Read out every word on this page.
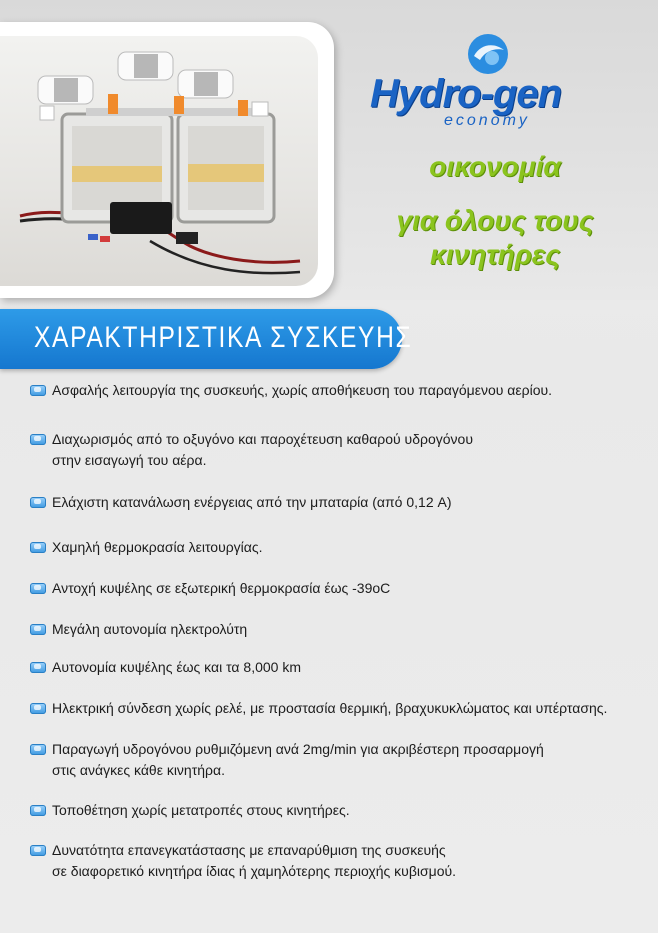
Hydro-gen
economy
οικονομία
για όλους τους
κινητήρες
ΧΑΡΑΚΤΗΡΙΣΤΙΚΑ ΣΥΣΚΕΥΗΣ
Ασφαλής λειτουργία της συσκευής, χωρίς αποθήκευση του παραγόμενου αερίου.
Διαχωρισμός από το οξυγόνο και παροχέτευση καθαρού υδρογόνου
στην εισαγωγή του αέρα.
Ελάχιστη κατανάλωση ενέργειας από την μπαταρία (από 0,12 A)
Χαμηλή θερμοκρασία λειτουργίας.
Αντοχή κυψέλης σε εξωτερική θερμοκρασία έως -39oC
Μεγάλη αυτονομία ηλεκτρολύτη
Αυτονομία κυψέλης έως και τα 8,000 km
Ηλεκτρική σύνδεση χωρίς ρελέ, με προστασία θερμική, βραχυκυκλώματος και υπέρτασης.
Παραγωγή υδρογόνου ρυθμιζόμενη ανά 2mg/min για ακριβέστερη προσαρμογή
στις ανάγκες κάθε κινητήρα.
Τοποθέτηση χωρίς μετατροπές στους κινητήρες.
Δυνατότητα επανεγκατάστασης με επαναρύθμιση της συσκευής
σε διαφορετικό κινητήρα ίδιας ή χαμηλότερης περιοχής κυβισμού.
